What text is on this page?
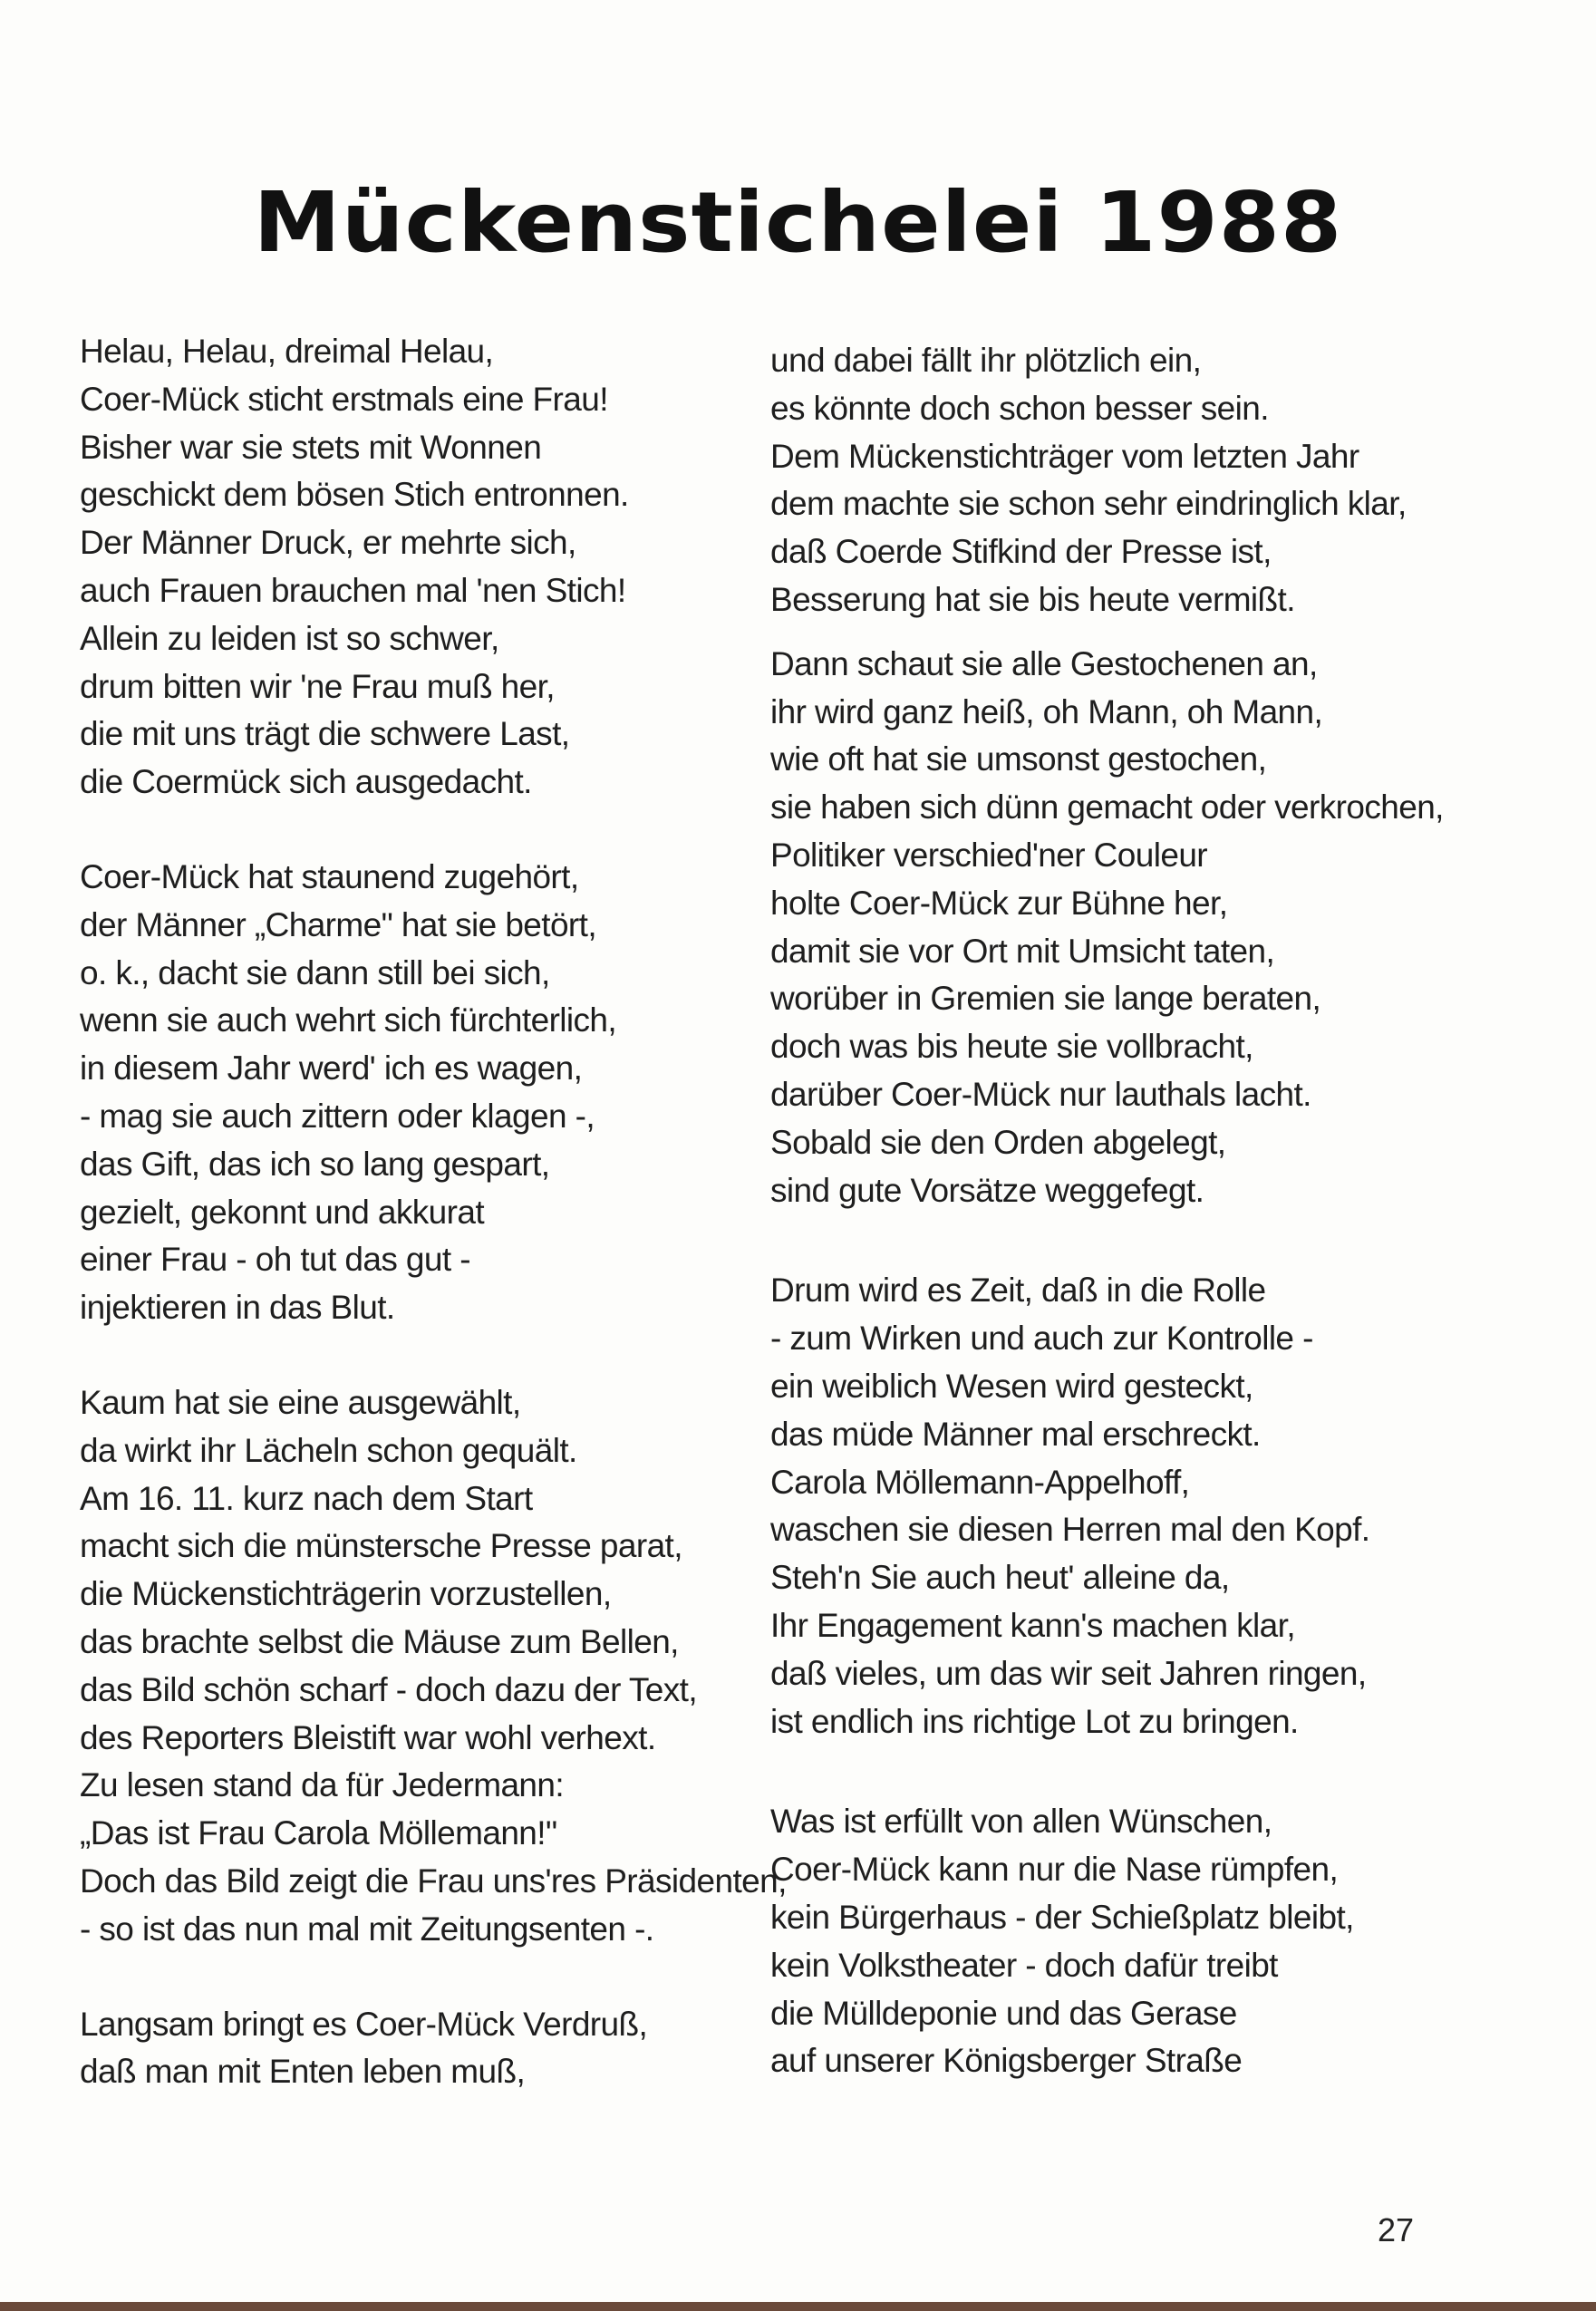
Mückenstichelei 1988
Helau, Helau, dreimal Helau,
Coer-Mück sticht erstmals eine Frau!
Bisher war sie stets mit Wonnen
geschickt dem bösen Stich entronnen.
Der Männer Druck, er mehrte sich,
auch Frauen brauchen mal 'nen Stich!
Allein zu leiden ist so schwer,
drum bitten wir 'ne Frau muß her,
die mit uns trägt die schwere Last,
die Coermück sich ausgedacht.
Coer-Mück hat staunend zugehört,
der Männer „Charme" hat sie betört,
o. k., dacht sie dann still bei sich,
wenn sie auch wehrt sich fürchterlich,
in diesem Jahr werd' ich es wagen,
- mag sie auch zittern oder klagen -,
das Gift, das ich so lang gespart,
gezielt, gekonnt und akkurat
einer Frau - oh tut das gut -
injektieren in das Blut.
Kaum hat sie eine ausgewählt,
da wirkt ihr Lächeln schon gequält.
Am 16. 11. kurz nach dem Start
macht sich die münstersche Presse parat,
die Mückenstichträgerin vorzustellen,
das brachte selbst die Mäuse zum Bellen,
das Bild schön scharf - doch dazu der Text,
des Reporters Bleistift war wohl verhext.
Zu lesen stand da für Jedermann:
„Das ist Frau Carola Möllemann!"
Doch das Bild zeigt die Frau uns'res Präsidenten,
- so ist das nun mal mit Zeitungsenten -.
Langsam bringt es Coer-Mück Verdruß,
daß man mit Enten leben muß,
und dabei fällt ihr plötzlich ein,
es könnte doch schon besser sein.
Dem Mückenstichträger vom letzten Jahr
dem machte sie schon sehr eindringlich klar,
daß Coerde Stifkind der Presse ist,
Besserung hat sie bis heute vermißt.
Dann schaut sie alle Gestochenen an,
ihr wird ganz heiß, oh Mann, oh Mann,
wie oft hat sie umsonst gestochen,
sie haben sich dünn gemacht oder verkrochen,
Politiker verschied'ner Couleur
holte Coer-Mück zur Bühne her,
damit sie vor Ort mit Umsicht taten,
worüber in Gremien sie lange beraten,
doch was bis heute sie vollbracht,
darüber Coer-Mück nur lauthals lacht.
Sobald sie den Orden abgelegt,
sind gute Vorsätze weggefegt.
Drum wird es Zeit, daß in die Rolle
- zum Wirken und auch zur Kontrolle -
ein weiblich Wesen wird gesteckt,
das müde Männer mal erschreckt.
Carola Möllemann-Appelhoff,
waschen sie diesen Herren mal den Kopf.
Steh'n Sie auch heut' alleine da,
Ihr Engagement kann's machen klar,
daß vieles, um das wir seit Jahren ringen,
ist endlich ins richtige Lot zu bringen.
Was ist erfüllt von allen Wünschen,
Coer-Mück kann nur die Nase rümpfen,
kein Bürgerhaus - der Schießplatz bleibt,
kein Volkstheater - doch dafür treibt
die Mülldeponie und das Gerase
auf unserer Königsberger Straße
27
